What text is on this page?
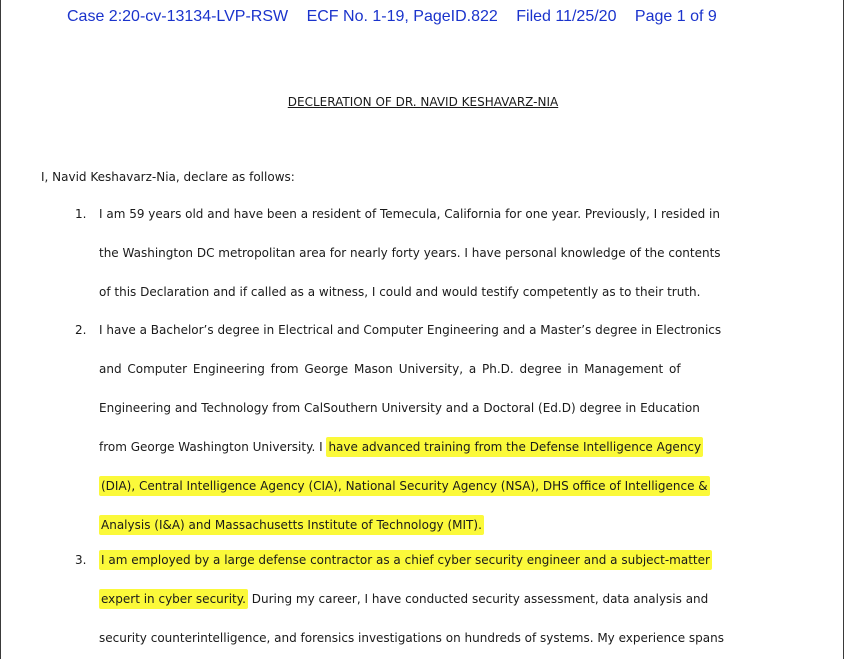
Case 2:20-cv-13134-LVP-RSW ECF No. 1-19, PageID.822 Filed 11/25/20 Page 1 of 9
DECLERATION OF DR. NAVID KESHAVARZ-NIA
I, Navid Keshavarz-Nia, declare as follows:
1. I am 59 years old and have been a resident of Temecula, California for one year. Previously, I resided in
the Washington DC metropolitan area for nearly forty years. I have personal knowledge of the contents
of this Declaration and if called as a witness, I could and would testify competently as to their truth.
2. I have a Bachelor’s degree in Electrical and Computer Engineering and a Master’s degree in Electronics
and Computer Engineering from George Mason University, a Ph.D. degree in Management of
Engineering and Technology from CalSouthern University and a Doctoral (Ed.D) degree in Education
from George Washington University. I have advanced training from the Defense Intelligence Agency
(DIA), Central Intelligence Agency (CIA), National Security Agency (NSA), DHS office of Intelligence &
Analysis (I&A) and Massachusetts Institute of Technology (MIT).
3. I am employed by a large defense contractor as a chief cyber security engineer and a subject-matter
expert in cyber security. During my career, I have conducted security assessment, data analysis and
security counterintelligence, and forensics investigations on hundreds of systems. My experience spans
